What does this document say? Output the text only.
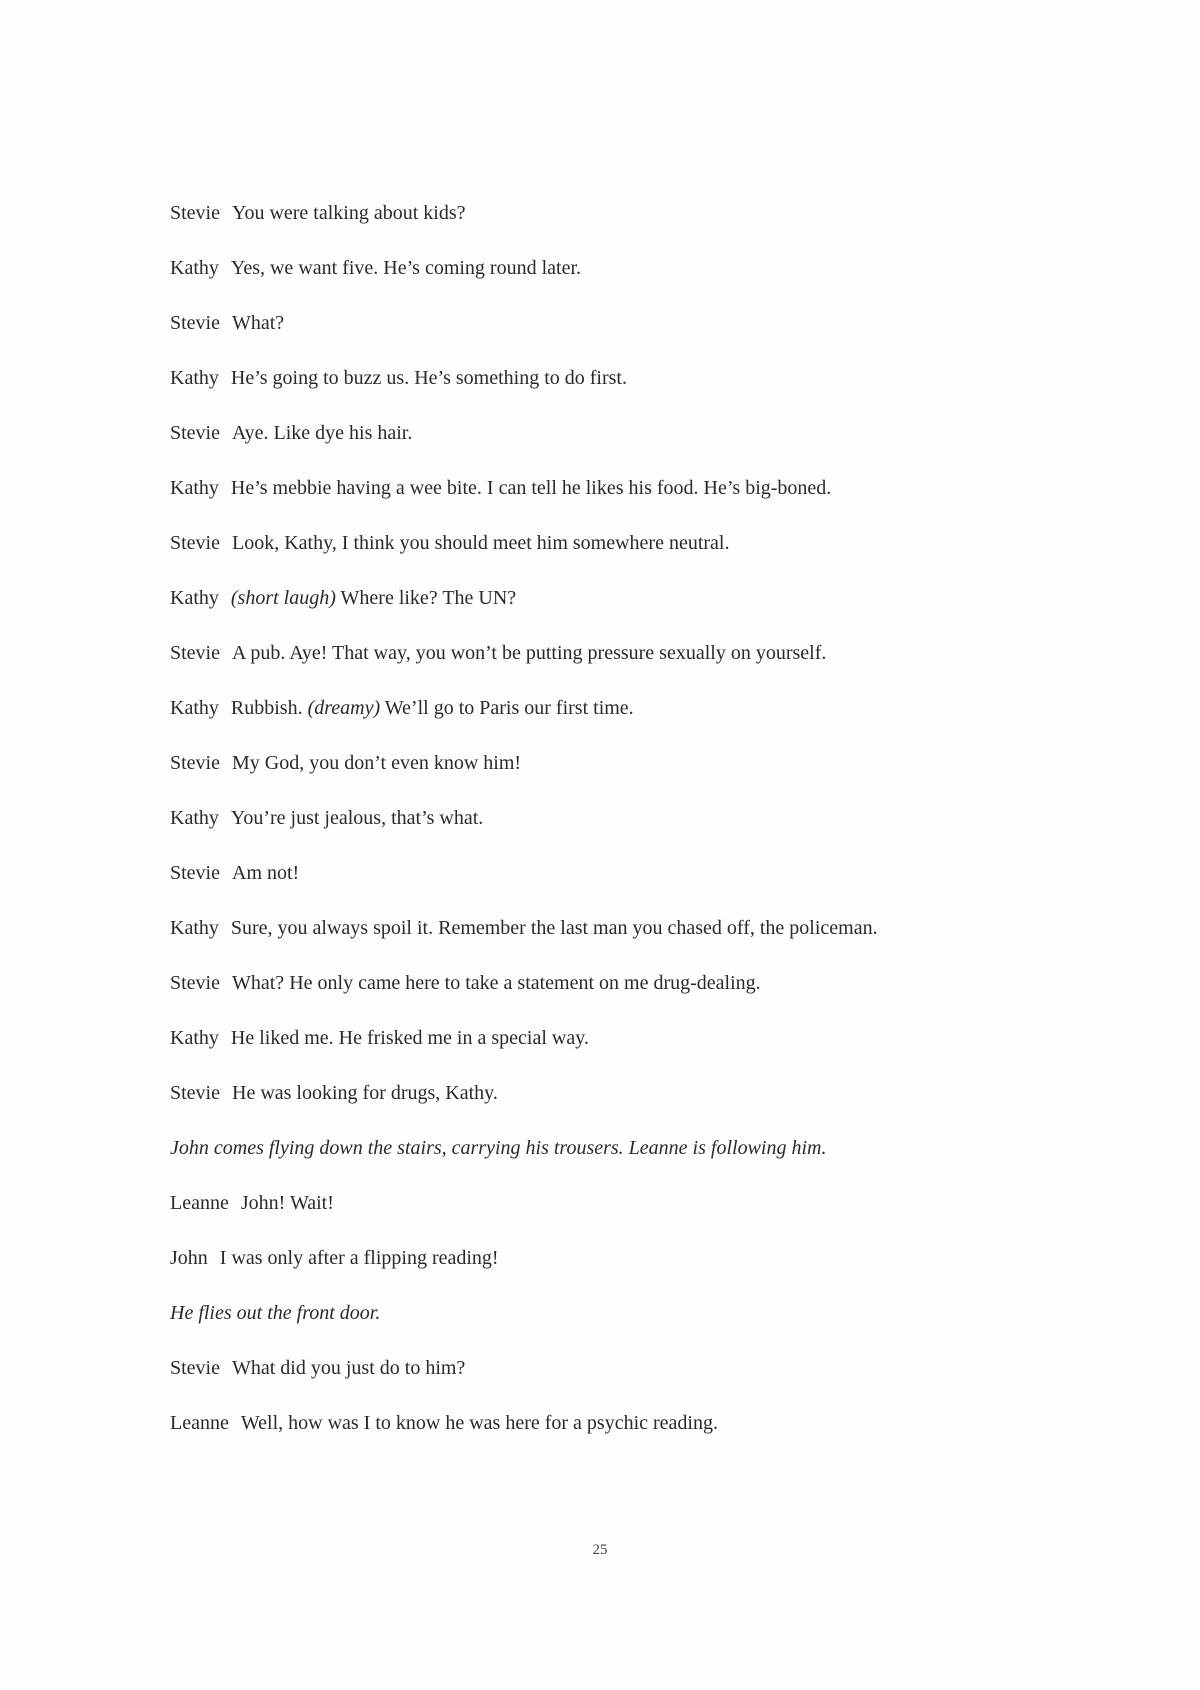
Stevie You were talking about kids?
Kathy Yes, we want five. He’s coming round later.
Stevie What?
Kathy He’s going to buzz us. He’s something to do first.
Stevie Aye. Like dye his hair.
Kathy He’s mebbie having a wee bite. I can tell he likes his food. He’s big-boned.
Stevie Look, Kathy, I think you should meet him somewhere neutral.
Kathy (short laugh) Where like? The UN?
Stevie A pub. Aye! That way, you won’t be putting pressure sexually on yourself.
Kathy Rubbish. (dreamy) We’ll go to Paris our first time.
Stevie My God, you don’t even know him!
Kathy You’re just jealous, that’s what.
Stevie Am not!
Kathy Sure, you always spoil it. Remember the last man you chased off, the policeman.
Stevie What? He only came here to take a statement on me drug-dealing.
Kathy He liked me. He frisked me in a special way.
Stevie He was looking for drugs, Kathy.
John comes flying down the stairs, carrying his trousers. Leanne is following him.
Leanne John! Wait!
John I was only after a flipping reading!
He flies out the front door.
Stevie What did you just do to him?
Leanne Well, how was I to know he was here for a psychic reading.
25
